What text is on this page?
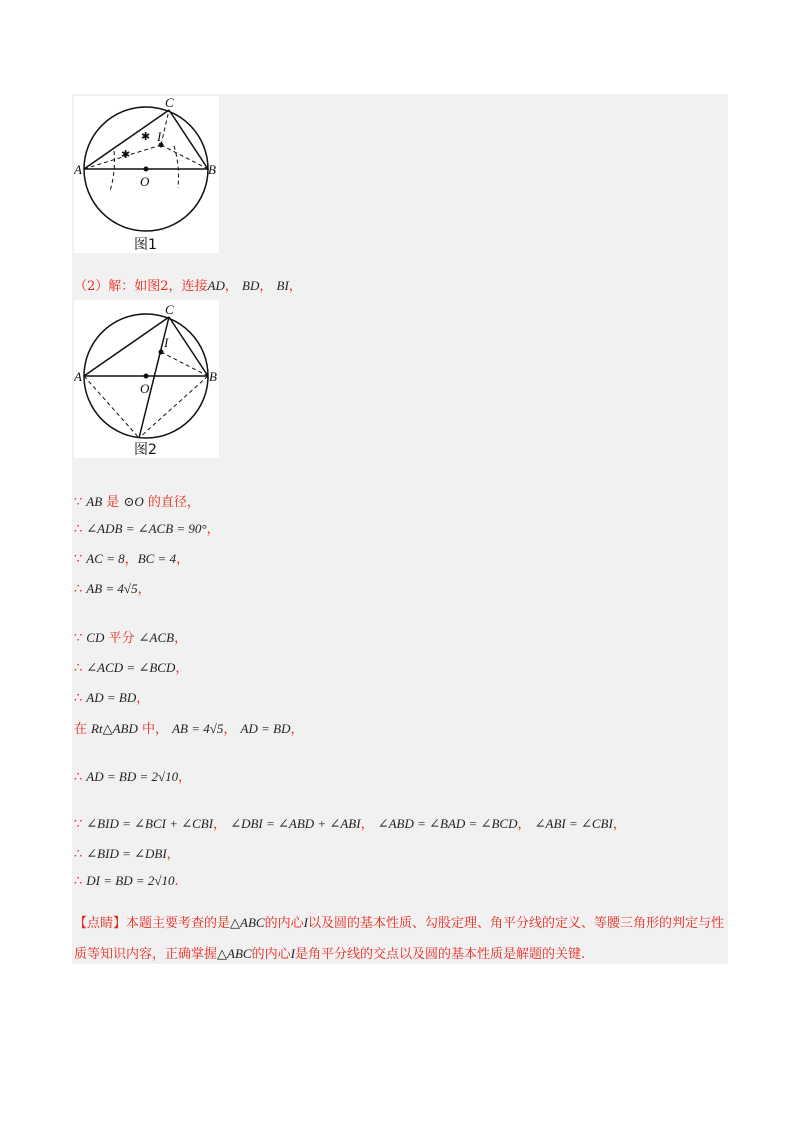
✱
✱
A	B
C
O
I
图1
（2）解：如图2，连接AD， BD， BI，
A	B
C
O
I
图2
∵ AB 是 ⊙O 的直径，
∴ ∠ADB = ∠ACB = 90°，
∵ AC = 8，BC = 4，
∴ AB = 4√5，
∵ CD 平分 ∠ACB，
∴ ∠ACD = ∠BCD，
∴ AD = BD，
在 Rt△ABD 中， AB = 4√5， AD = BD，
∴ AD = BD = 2√10，
∵ ∠BID = ∠BCI + ∠CBI， ∠DBI = ∠ABD + ∠ABI， ∠ABD = ∠BAD = ∠BCD， ∠ABI = ∠CBI，
∴ ∠BID = ∠DBI，
∴ DI = BD = 2√10.
【点睛】本题主要考查的是△ABC的内心I以及圆的基本性质、勾股定理、角平分线的定义、等腰三角形的判定与性质等知识内容，正确掌握△ABC的内心I是角平分线的交点以及圆的基本性质是解题的关键.
